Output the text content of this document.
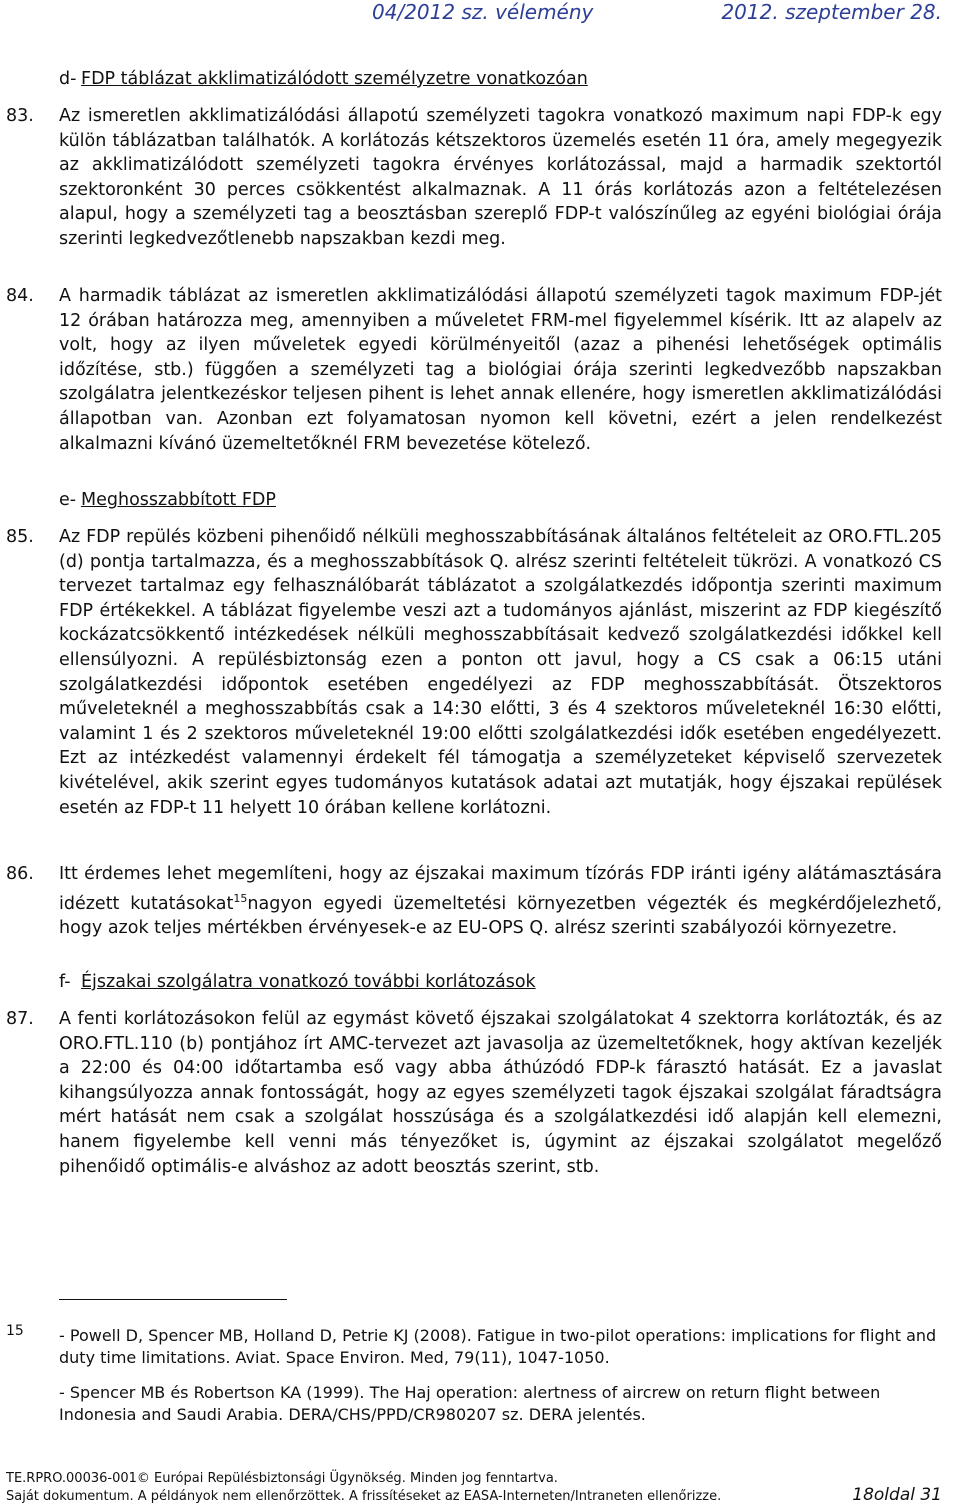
04/2012 sz. vélemény	2012. szeptember 28.
d- FDP táblázat akklimatizálódott személyzetre vonatkozóan
83. Az ismeretlen akklimatizálódási állapotú személyzeti tagokra vonatkozó maximum napi FDP-k egy külön táblázatban találhatók. A korlátozás kétszektoros üzemelés esetén 11 óra, amely megegyezik az akklimatizálódott személyzeti tagokra érvényes korlátozással, majd a harmadik szektortól szektoronként 30 perces csökkentést alkalmaznak. A 11 órás korlátozás azon a feltételezésen alapul, hogy a személyzeti tag a beosztásban szereplő FDP-t valószínűleg az egyéni biológiai órája szerinti legkedvezőtlenebb napszakban kezdi meg.

84. A harmadik táblázat az ismeretlen akklimatizálódási állapotú személyzeti tagok maximum FDP-jét 12 órában határozza meg, amennyiben a műveletet FRM-mel figyelemmel kísérik. Itt az alapelv az volt, hogy az ilyen műveletek egyedi körülményeitől (azaz a pihenési lehetőségek optimális időzítése, stb.) függően a személyzeti tag a biológiai órája szerinti legkedvezőbb napszakban szolgálatra jelentkezéskor teljesen pihent is lehet annak ellenére, hogy ismeretlen akklimatizálódási állapotban van. Azonban ezt folyamatosan nyomon kell követni, ezért a jelen rendelkezést alkalmazni kívánó üzemeltetőknél FRM bevezetése kötelező.

e- Meghosszabbított FDP
85. Az FDP repülés közbeni pihenőidő nélküli meghosszabbításának általános feltételeit az ORO.FTL.205 (d) pontja tartalmazza, és a meghosszabbítások Q. alrész szerinti feltételeit tükrözi. A vonatkozó CS tervezet tartalmaz egy felhasználóbarát táblázatot a szolgálatkezdés időpontja szerinti maximum FDP értékekkel. A táblázat figyelembe veszi azt a tudományos ajánlást, miszerint az FDP kiegészítő kockázatcsökkentő intézkedések nélküli meghosszabbításait kedvező szolgálatkezdési időkkel kell ellensúlyozni. A repülésbiztonság ezen a ponton ott javul, hogy a CS csak a 06:15 utáni szolgálatkezdési időpontok esetében engedélyezi az FDP meghosszabbítását. Ötszektoros műveleteknél a meghosszabbítás csak a 14:30 előtti, 3 és 4 szektoros műveleteknél 16:30 előtti, valamint 1 és 2 szektoros műveleteknél 19:00 előtti szolgálatkezdési idők esetében engedélyezett. Ezt az intézkedést valamennyi érdekelt fél támogatja a személyzeteket képviselő szervezetek kivételével, akik szerint egyes tudományos kutatások adatai azt mutatják, hogy éjszakai repülések esetén az FDP-t 11 helyett 10 órában kellene korlátozni.

86. Itt érdemes lehet megemlíteni, hogy az éjszakai maximum tízórás FDP iránti igény alátámasztására idézett kutatásokat$^{15}$nagyon egyedi üzemeltetési környezetben végezték és megkérdőjelezhető, hogy azok teljes mértékben érvényesek-e az EU-OPS Q. alrész szerinti szabályozói környezetre.

f- Éjszakai szolgálatra vonatkozó további korlátozások
87. A fenti korlátozásokon felül az egymást követő éjszakai szolgálatokat 4 szektorra korlátozták, és az ORO.FTL.110 (b) pontjához írt AMC-tervezet azt javasolja az üzemeltetőknek, hogy aktívan kezeljék a 22:00 és 04:00 időtartamba eső vagy abba áthúzódó FDP-k fárasztó hatását. Ez a javaslat kihangsúlyozza annak fontosságát, hogy az egyes személyzeti tagok éjszakai szolgálat fáradtságra mért hatását nem csak a szolgálat hosszúsága és a szolgálatkezdési idő alapján kell elemezni, hanem figyelembe kell venni más tényezőket is, úgymint az éjszakai szolgálatot megelőző pihenőidő optimális-e alváshoz az adott beosztás szerint, stb.

15 - Powell D, Spencer MB, Holland D, Petrie KJ (2008). Fatigue in two-pilot operations: implications for flight and duty time limitations. Aviat. Space Environ. Med, 79(11), 1047-1050.

- Spencer MB és Robertson KA (1999). The Haj operation: alertness of aircrew on return flight between Indonesia and Saudi Arabia. DERA/CHS/PPD/CR980207 sz. DERA jelentés.

TE.RPRO.00036-001© Európai Repülésbiztonsági Ügynökség. Minden jog fenntartva.
Saját dokumentum. A példányok nem ellenőrzöttek. A frissítéseket az EASA-Interneten/Intraneten ellenőrizze.	18oldal 31
